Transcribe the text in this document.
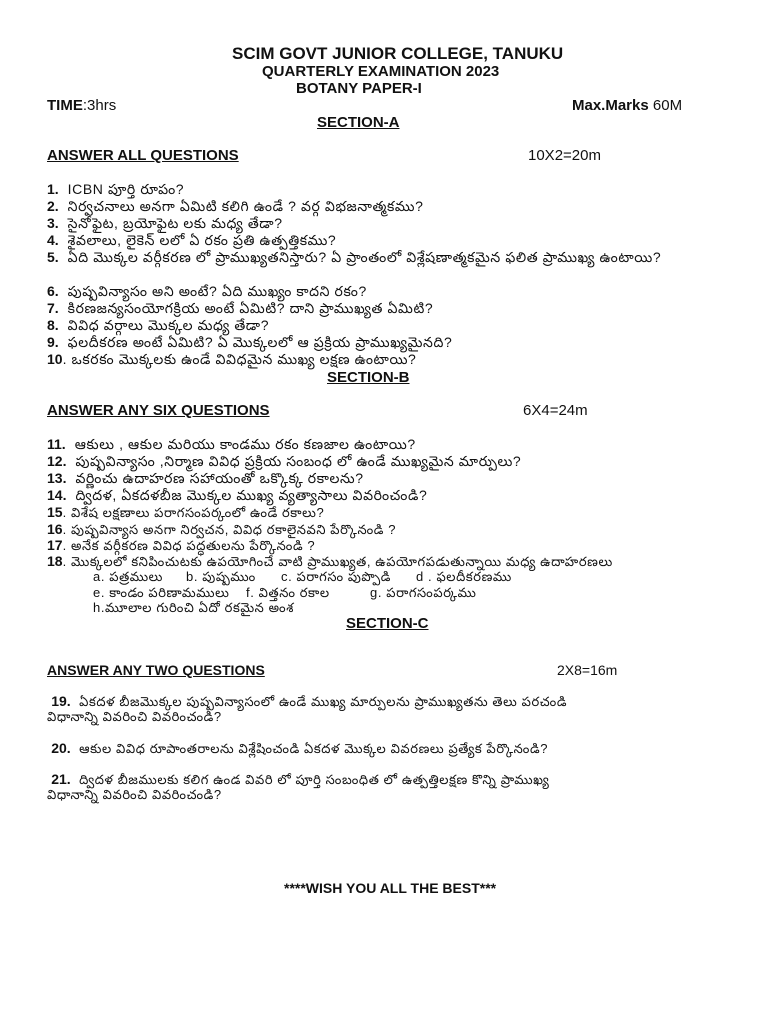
SCIM GOVT JUNIOR COLLEGE, TANUKU
QUARTERLY EXAMINATION 2023
BOTANY PAPER-I
TIME:3hrs	Max.Marks 60M
SECTION-A
ANSWER ALL QUESTIONS	10X2=20m
1. ICBN పూర్తి రూపం?
2. నిర్వచనాలు అనగా ఏమిటి కలిగి ఉండే ? వర్గ విభజనాత్మకము?
3. సైనోఫైట, బ్రయోఫైట లకు మధ్య తేడా?
4. శైవలాలు, లైకెన్ లలో ఏ రకం ప్రతి ఉత్పత్తికము?
5. ఏది మొక్కల వర్గీకరణ లో ప్రాముఖ్యతనిస్తారు? ఏ ప్రాంతంలో విశ్లేషణాత్మకమైన ఫలిత ప్రాముఖ్య ఉంటాయి?
6. పుష్పవిన్యాసం అని అంటే? ఏది ముఖ్యం కాదని రకం?
7. కిరణజన్యసంయోగక్రియ అంటే ఏమిటి? దాని ప్రాముఖ్యత ఏమిటి?
8. వివిధ వర్గాలు మొక్కల మధ్య తేడా?
9. ఫలదీకరణ అంటే ఏమిటి? ఏ మొక్కలలో ఆ ప్రక్రియ ప్రాముఖ్యమైనది?
10. ఒకరకం మొక్కలకు ఉండే వివిధమైన ముఖ్య లక్షణ ఉంటాయి?
SECTION-B
ANSWER ANY SIX QUESTIONS	6X4=24m
11. ఆకులు , ఆకుల మరియు కాండము రకం కణజాల ఉంటాయి?
12. పుష్పవిన్యాసం ,నిర్మాణ వివిధ ప్రక్రియ సంబంధ లో ఉండే ముఖ్యమైన మార్పులు?
13. వర్ణించు ఉదాహరణ సహాయంతో ఒక్కొక్క రకాలను?
14. ద్విదళ, ఏకదళబీజ మొక్కల ముఖ్య వ్యత్యాసాలు వివరించండి?
15. విశేష లక్షణాలు పరాగసంపర్కంలో ఉండే రకాలు?
16. పుష్పవిన్యాస అనగా నిర్వచన, వివిధ రకాలైనవని పేర్కొనండి ?
17. అనేక వర్గీకరణ వివిధ పద్ధతులను పేర్కొనండి ?
18. మొక్కలలో కనిపించుటకు ఉపయోగించే వాటి ప్రాముఖ్యత, ఉపయోగపడుతున్నాయి మధ్య ఉదాహరణలు
a. పత్రములు b. పుష్పము c. పరాగసం పుప్పొడి d . ఫలదీకరణము
e. కాండం పరిణామములు f. విత్తనం రకాల	g. పరాగసంపర్కము
h.మూలాల గురించి ఏదో రకమైన అంశ
SECTION-C
ANSWER ANY TWO QUESTIONS	2X8=16m
19. ఏకదళ బీజమొక్కల పుష్పవిన్యాసలో ఉండే ముఖ్య మార్పులను ప్రాముఖ్యతను తెలు పరచండి
విధానాన్ని వివరించి వివరించండి?
20. ఆకుల వివిధ రూపాంతరాలను విశ్లేషించండి ఏకదళ మొక్కల వివరణలు ప్రత్యేక పేర్కొనండి?
21. ద్విదళ బీజములకు కలిగ ఉండ వివరి లో పూర్తి సంబంధిత లో ఉత్పత్తిలక్షణ కొన్ని ప్రాముఖ్య
విధానాన్ని వివరించి వివరించండి?
****WISH YOU ALL THE BEST***
